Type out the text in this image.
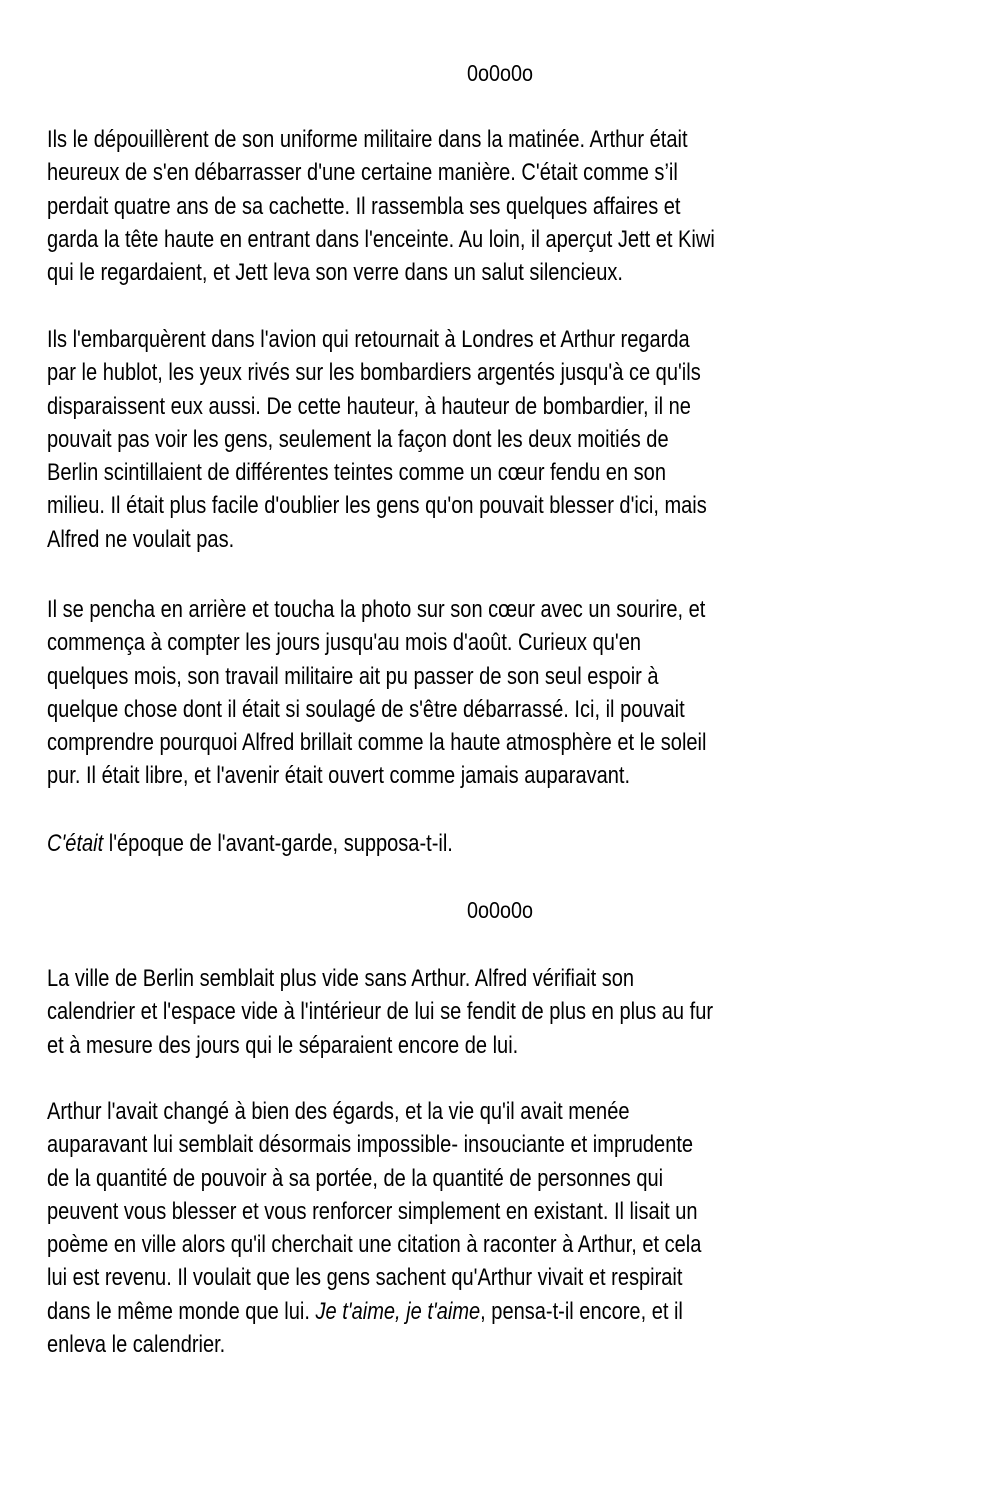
0o0o0o
Ils le dépouillèrent de son uniforme militaire dans la matinée. Arthur était
heureux de s'en débarrasser d'une certaine manière. C'était comme s’il
perdait quatre ans de sa cachette. Il rassembla ses quelques affaires et
garda la tête haute en entrant dans l'enceinte. Au loin, il aperçut Jett et Kiwi
qui le regardaient, et Jett leva son verre dans un salut silencieux.
Ils l'embarquèrent dans l'avion qui retournait à Londres et Arthur regarda
par le hublot, les yeux rivés sur les bombardiers argentés jusqu'à ce qu'ils
disparaissent eux aussi. De cette hauteur, à hauteur de bombardier, il ne
pouvait pas voir les gens, seulement la façon dont les deux moitiés de
Berlin scintillaient de différentes teintes comme un cœur fendu en son
milieu. Il était plus facile d'oublier les gens qu'on pouvait blesser d'ici, mais
Alfred ne voulait pas.
Il se pencha en arrière et toucha la photo sur son cœur avec un sourire, et
commença à compter les jours jusqu'au mois d'août. Curieux qu'en
quelques mois, son travail militaire ait pu passer de son seul espoir à
quelque chose dont il était si soulagé de s'être débarrassé. Ici, il pouvait
comprendre pourquoi Alfred brillait comme la haute atmosphère et le soleil
pur. Il était libre, et l'avenir était ouvert comme jamais auparavant.
C'était l'époque de l'avant-garde, supposa-t-il.
0o0o0o
La ville de Berlin semblait plus vide sans Arthur. Alfred vérifiait son
calendrier et l'espace vide à l'intérieur de lui se fendit de plus en plus au fur
et à mesure des jours qui le séparaient encore de lui.
Arthur l'avait changé à bien des égards, et la vie qu'il avait menée
auparavant lui semblait désormais impossible- insouciante et imprudente
de la quantité de pouvoir à sa portée, de la quantité de personnes qui
peuvent vous blesser et vous renforcer simplement en existant. Il lisait un
poème en ville alors qu'il cherchait une citation à raconter à Arthur, et cela
lui est revenu. Il voulait que les gens sachent qu'Arthur vivait et respirait
dans le même monde que lui. Je t'aime, je t'aime, pensa-t-il encore, et il
enleva le calendrier.
